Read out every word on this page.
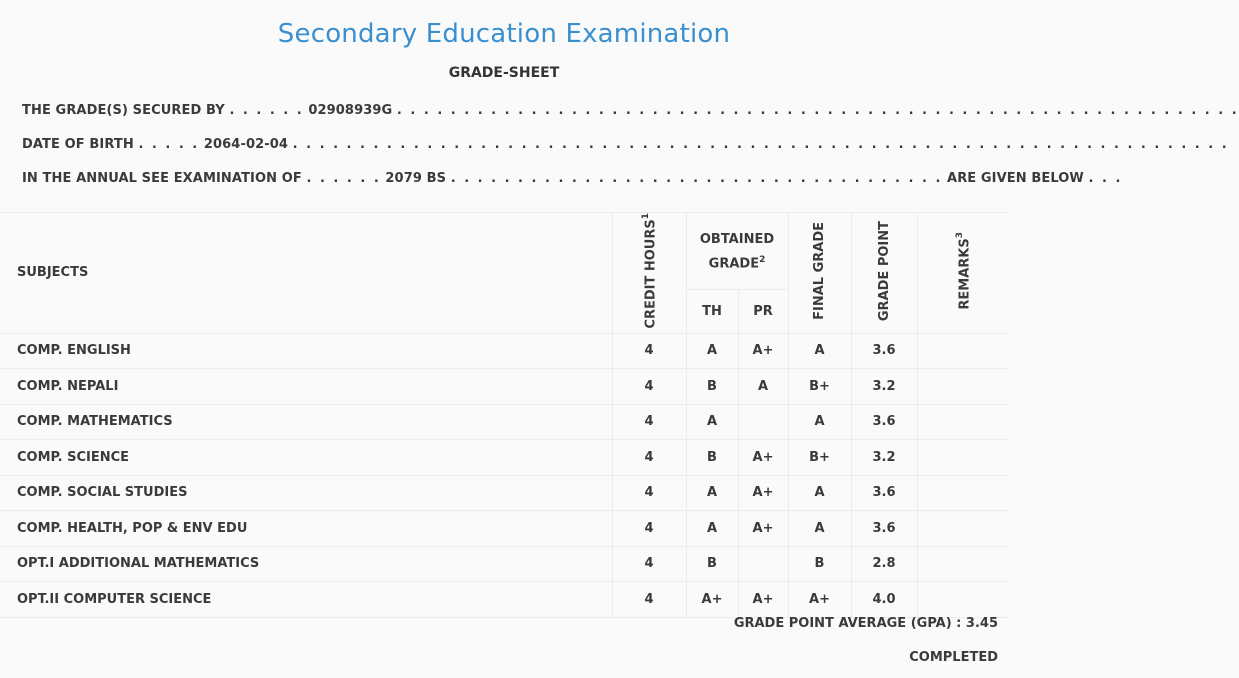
Secondary Education Examination
GRADE-SHEET
THE GRADE(S) SECURED BY . . . . . . 02908939G . . . . . . . . . . . . . . . . . . . . . . . . . . . . . . . . . . . . . . . . . . . . . . . . . . . . . . . . . . . . . . .
DATE OF BIRTH . . . . . 2064-02-04 . . . . . . . . . . . . . . . . . . . . . . . . . . . . . . . . . . . . . . . . . . . . . . . . . . . . . . . . . . . . . . . . . . . . . .
IN THE ANNUAL SEE EXAMINATION OF . . . . . . 2079 BS . . . . . . . . . . . . . . . . . . . . . . . . . . . . . . . . . . . . . ARE GIVEN BELOW . . .
SUBJECTS	CREDIT HOURS$^1$	OBTAINED GRADE$^2$		FINAL GRADE	GRADE POINT	REMARKS$^3$
		TH	PR			
COMP. ENGLISH	4	A	A+	A	3.6	
COMP. NEPALI	4	B	A	B+	3.2	
COMP. MATHEMATICS	4	A		A	3.6	
COMP. SCIENCE	4	B	A+	B+	3.2	
COMP. SOCIAL STUDIES	4	A	A+	A	3.6	
COMP. HEALTH, POP & ENV EDU	4	A	A+	A	3.6	
OPT.I ADDITIONAL MATHEMATICS	4	B		B	2.8	
OPT.II COMPUTER SCIENCE	4	A+	A+	A+	4.0	
GRADE POINT AVERAGE (GPA) : 3.45
COMPLETED
